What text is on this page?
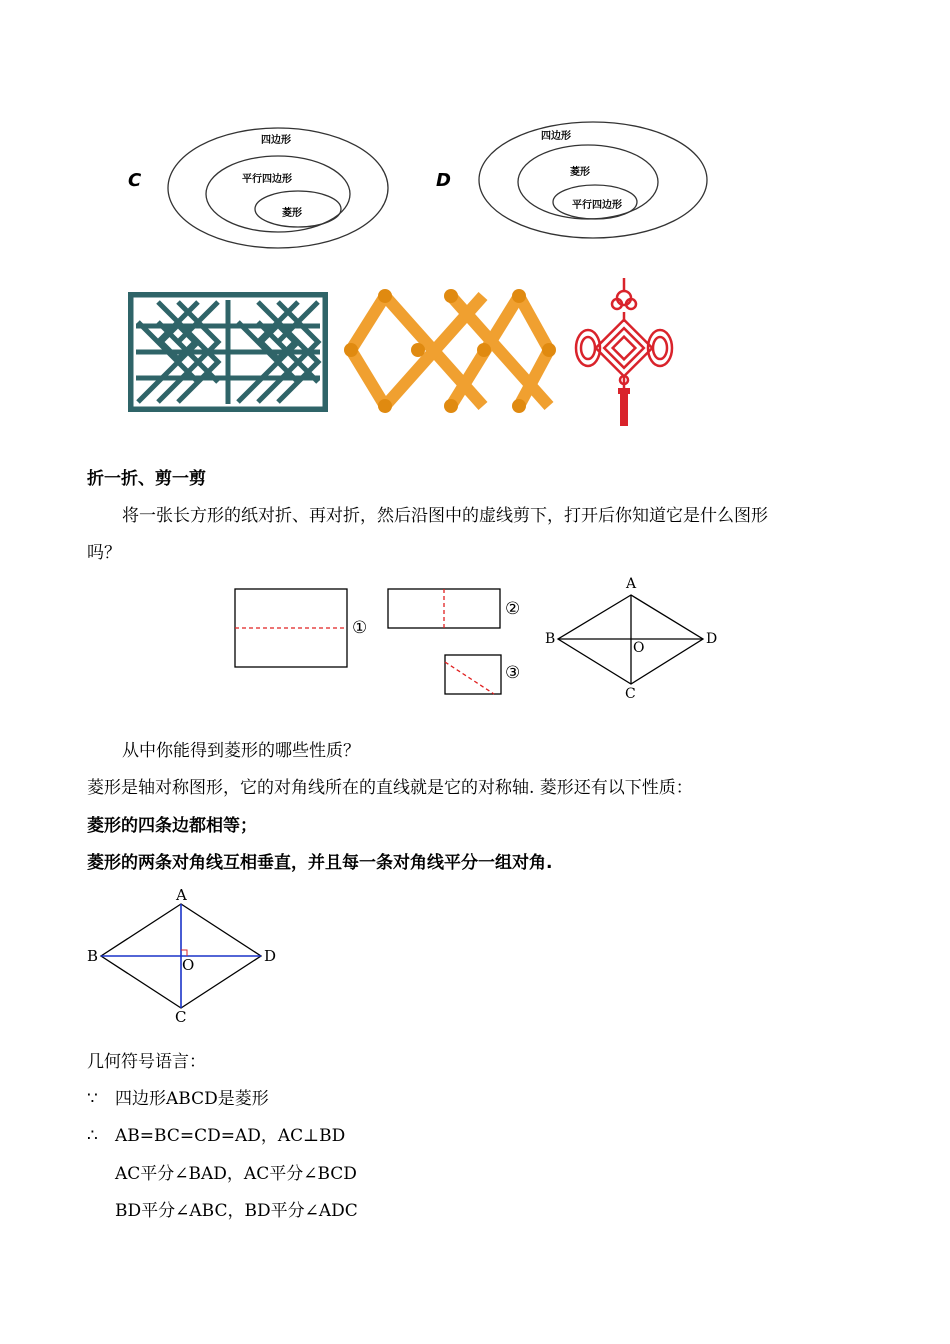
C
四边形
平行四边形
菱形
D
四边形
菱形
平行四边形
折一折、剪一剪
将一张长方形的纸对折、再对折，然后沿图中的虚线剪下，打开后你知道它是什么图形
吗？
①
②
③
A
B	D
C
O
从中你能得到菱形的哪些性质？
菱形是轴对称图形，它的对角线所在的直线就是它的对称轴. 菱形还有以下性质：
菱形的四条边都相等；
菱形的两条对角线互相垂直，并且每一条对角线平分一组对角.
A
B	D
C
O
几何符号语言：
∵ 四边形ABCD是菱形
∴ AB=BC=CD=AD，AC⊥BD
AC平分∠BAD，AC平分∠BCD
BD平分∠ABC，BD平分∠ADC
